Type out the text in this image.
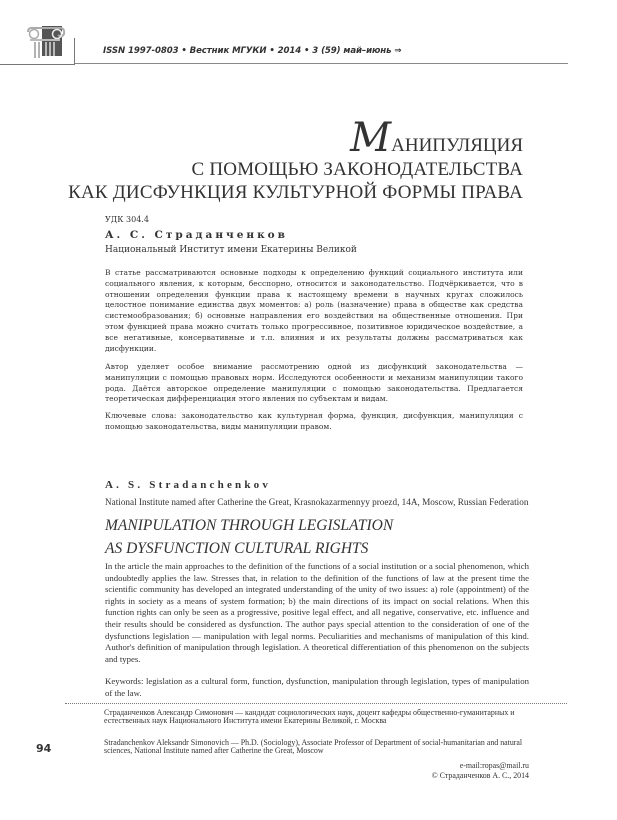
ISSN 1997-0803 • Вестник МГУКИ • 2014 • 3 (59) май–июнь ⇒
МАНИПУЛЯЦИЯ
С ПОМОЩЬЮ ЗАКОНОДАТЕЛЬСТВА
КАК ДИСФУНКЦИЯ КУЛЬТУРНОЙ ФОРМЫ ПРАВА
УДК 304.4
А. С. Страданченков
Национальный Институт имени Екатерины Великой

В статье рассматриваются основные подходы к определению функций социального института или социального явления, к которым, бесспорно, относится и законодательство. Подчёркивается, что в отношении определения функции права к настоящему времени в научных кругах сложилось целостное понимание единства двух моментов: а) роль (назначение) права в обществе как средства системообразования; б) основные направления его воздействия на общественные отношения. При этом функцией права можно считать только прогрессивное, позитивное юридическое воздействие, а все негативные, консервативные и т.п. влияния и их результаты должны рассматриваться как дисфункции.

Автор уделяет особое внимание рассмотрению одной из дисфункций законодательства — манипуляции с помощью правовых норм. Исследуются особенности и механизм манипуляции такого рода. Даётся авторское определение манипуляции с помощью законодательства. Предлагается теоретическая дифференциация этого явления по субъектам и видам.

Ключевые слова: законодательство как культурная форма, функция, дисфункция, манипуляция с помощью законодательства, виды манипуляции правом.

A. S. Stradanchenkov
National Institute named after Catherine the Great, Krasnokazarmennyy proezd, 14A, Moscow, Russian Federation
MANIPULATION THROUGH LEGISLATION
AS DYSFUNCTION CULTURAL RIGHTS

In the article the main approaches to the definition of the functions of a social institution or a social phenomenon, which undoubtedly applies the law. Stresses that, in relation to the definition of the functions of law at the present time the scientific community has developed an integrated understanding of the unity of two issues: a) role (appointment) of the rights in society as a means of system formation; b) the main directions of its impact on social relations. When this function rights can only be seen as a progressive, positive legal effect, and all negative, conservative, etc. influence and their results should be considered as dysfunction. The author pays special attention to the consideration of one of the dysfunctions legislation — manipulation with legal norms. Peculiarities and mechanisms of manipulation of this kind. Author's definition of manipulation through legislation. A theoretical differentiation of this phenomenon on the subjects and types.

Keywords: legislation as a cultural form, function, dysfunction, manipulation through legislation, types of manipulation of the law.

Страданченков Александр Симонович — кандидат социологических наук, доцент кафедры общественно-гуманитарных и естественных наук Национального Института имени Екатерины Великой, г. Москва

Stradanchenkov Aleksandr Simonovich — Ph.D. (Sociology), Associate Professor of Department of social-humanitarian and natural sciences, National Institute named after Catherine the Great, Moscow

e-mail:ropas@mail.ru
© Страданченков А. С., 2014
94
